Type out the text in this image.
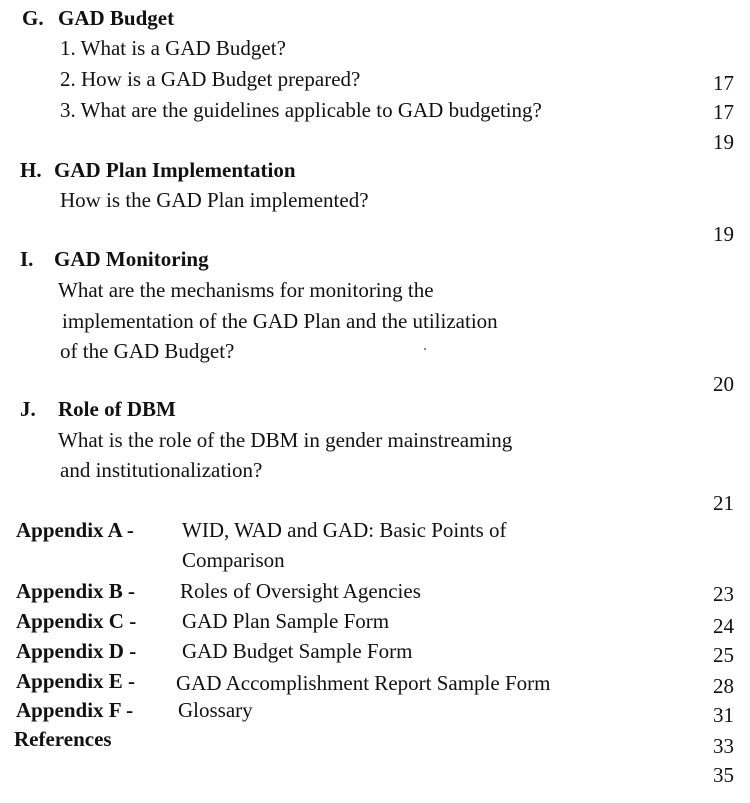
G. GAD Budget
1. What is a GAD Budget?
2. How is a GAD Budget prepared?
3. What are the guidelines applicable to GAD budgeting?
H. GAD Plan Implementation
How is the GAD Plan implemented?
I. GAD Monitoring
What are the mechanisms for monitoring the
implementation of the GAD Plan and the utilization
of the GAD Budget?
J. Role of DBM
What is the role of the DBM in gender mainstreaming
and institutionalization?
Appendix A - WID, WAD and GAD: Basic Points of
Comparison
Appendix B - Roles of Oversight Agencies
Appendix C - GAD Plan Sample Form
Appendix D - GAD Budget Sample Form
Appendix E - GAD Accomplishment Report Sample Form
Appendix F - Glossary
References
17
17
19
19
20
21
23
24
25
28
31
33
35
